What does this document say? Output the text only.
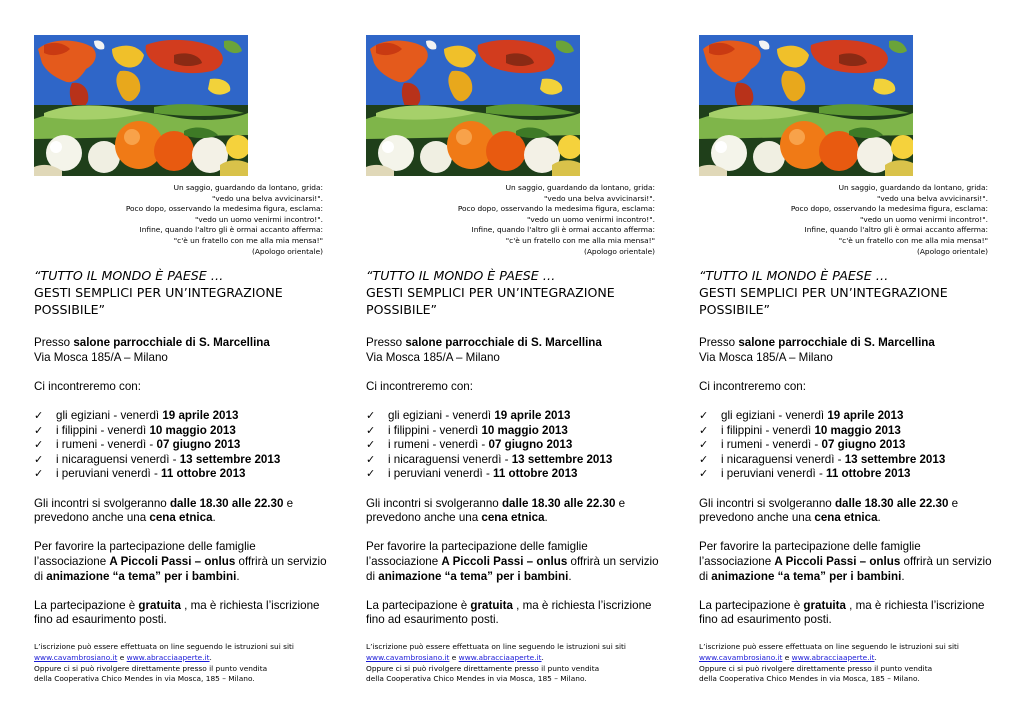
Un saggio, guardando da lontano, grida:
"vedo una belva avvicinarsi!".
Poco dopo, osservando la medesima figura, esclama:
"vedo un uomo venirmi incontro!".
Infine, quando l'altro gli è ormai accanto afferma:
"c'è un fratello con me alla mia mensa!"
(Apologo orientale)
“TUTTO IL MONDO È PAESE …
GESTI SEMPLICI PER UN’INTEGRAZIONE
POSSIBILE”
Presso salone parrocchiale di S. Marcellina
Via Mosca 185/A – Milano
Ci incontreremo con:
✓ gli egiziani - venerdì 19 aprile 2013
✓ i filippini - venerdì 10 maggio 2013
✓ i rumeni - venerdì - 07 giugno 2013
✓ i nicaraguensi venerdì - 13 settembre 2013
✓ i peruviani venerdì - 11 ottobre 2013
Gli incontri si svolgeranno dalle 18.30 alle 22.30 e
prevedono anche una cena etnica.
Per favorire la partecipazione delle famiglie
l’associazione A Piccoli Passi – onlus offrirà un servizio
di animazione “a tema” per i bambini.
La partecipazione è gratuita , ma è richiesta l’iscrizione
fino ad esaurimento posti.
L’iscrizione può essere effettuata on line seguendo le istruzioni sui siti
www.cavambrosiano.it e www.abracciaaperte.it.
Oppure ci si può rivolgere direttamente presso il punto vendita
della Cooperativa Chico Mendes in via Mosca, 185 – Milano.
Un saggio, guardando da lontano, grida:
"vedo una belva avvicinarsi!".
Poco dopo, osservando la medesima figura, esclama:
"vedo un uomo venirmi incontro!".
Infine, quando l'altro gli è ormai accanto afferma:
"c'è un fratello con me alla mia mensa!"
(Apologo orientale)
“TUTTO IL MONDO È PAESE …
GESTI SEMPLICI PER UN’INTEGRAZIONE
POSSIBILE”
Presso salone parrocchiale di S. Marcellina
Via Mosca 185/A – Milano
Ci incontreremo con:
✓ gli egiziani - venerdì 19 aprile 2013
✓ i filippini - venerdì 10 maggio 2013
✓ i rumeni - venerdì - 07 giugno 2013
✓ i nicaraguensi venerdì - 13 settembre 2013
✓ i peruviani venerdì - 11 ottobre 2013
Gli incontri si svolgeranno dalle 18.30 alle 22.30 e
prevedono anche una cena etnica.
Per favorire la partecipazione delle famiglie
l’associazione A Piccoli Passi – onlus offrirà un servizio
di animazione “a tema” per i bambini.
La partecipazione è gratuita , ma è richiesta l’iscrizione
fino ad esaurimento posti.
L’iscrizione può essere effettuata on line seguendo le istruzioni sui siti
www.cavambrosiano.it e www.abracciaaperte.it.
Oppure ci si può rivolgere direttamente presso il punto vendita
della Cooperativa Chico Mendes in via Mosca, 185 – Milano.
Un saggio, guardando da lontano, grida:
"vedo una belva avvicinarsi!".
Poco dopo, osservando la medesima figura, esclama:
"vedo un uomo venirmi incontro!".
Infine, quando l'altro gli è ormai accanto afferma:
"c'è un fratello con me alla mia mensa!"
(Apologo orientale)
“TUTTO IL MONDO È PAESE …
GESTI SEMPLICI PER UN’INTEGRAZIONE
POSSIBILE”
Presso salone parrocchiale di S. Marcellina
Via Mosca 185/A – Milano
Ci incontreremo con:
✓ gli egiziani - venerdì 19 aprile 2013
✓ i filippini - venerdì 10 maggio 2013
✓ i rumeni - venerdì - 07 giugno 2013
✓ i nicaraguensi venerdì - 13 settembre 2013
✓ i peruviani venerdì - 11 ottobre 2013
Gli incontri si svolgeranno dalle 18.30 alle 22.30 e
prevedono anche una cena etnica.
Per favorire la partecipazione delle famiglie
l’associazione A Piccoli Passi – onlus offrirà un servizio
di animazione “a tema” per i bambini.
La partecipazione è gratuita , ma è richiesta l’iscrizione
fino ad esaurimento posti.
L’iscrizione può essere effettuata on line seguendo le istruzioni sui siti
www.cavambrosiano.it e www.abracciaaperte.it.
Oppure ci si può rivolgere direttamente presso il punto vendita
della Cooperativa Chico Mendes in via Mosca, 185 – Milano.
